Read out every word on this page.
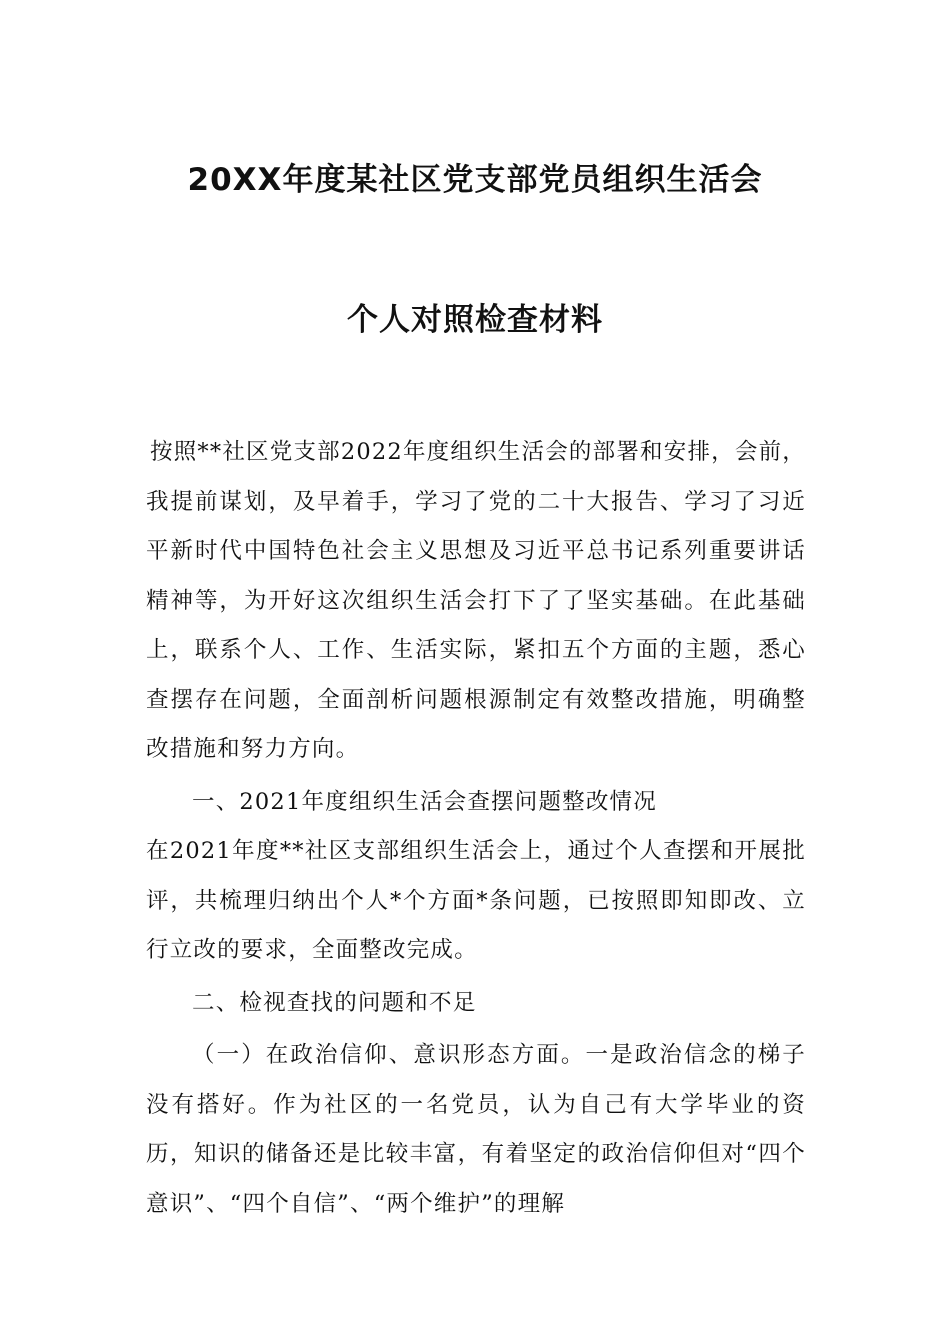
20XX年度某社区党支部党员组织生活会
个人对照检查材料

按照**社区党支部2022年度组织生活会的部署和安排，会前，我提前谋划，及早着手，学习了党的二十大报告、学习了习近平新时代中国特色社会主义思想及习近平总书记系列重要讲话精神等，为开好这次组织生活会打下了了坚实基础。在此基础上，联系个人、工作、生活实际，紧扣五个方面的主题，悉心查摆存在问题，全面剖析问题根源制定有效整改措施，明确整改措施和努力方向。

一、2021年度组织生活会查摆问题整改情况

在2021年度**社区支部组织生活会上，通过个人查摆和开展批评，共梳理归纳出个人*个方面*条问题，已按照即知即改、立行立改的要求，全面整改完成。

二、检视查找的问题和不足

（一）在政治信仰、意识形态方面。一是政治信念的梯子没有搭好。作为社区的一名党员，认为自己有大学毕业的资历，知识的储备还是比较丰富，有着坚定的政治信仰但对“四个意识”、“四个自信”、“两个维护”的理解
